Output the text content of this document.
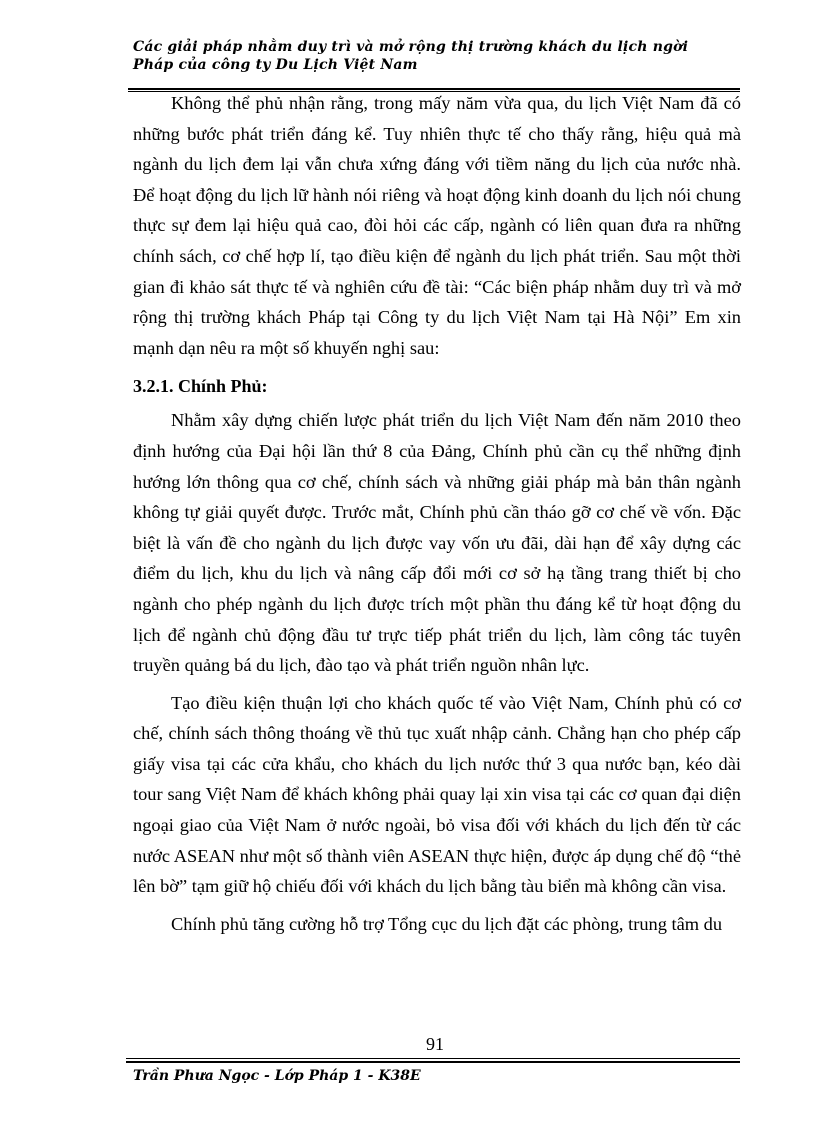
Các giải pháp nhằm duy trì và mở rộng thị trường khách du lịch ngời Pháp của công ty Du Lịch Việt Nam

Không thể phủ nhận rằng, trong mấy năm vừa qua, du lịch Việt Nam đã có những bước phát triển đáng kể. Tuy nhiên thực tế cho thấy rằng, hiệu quả mà ngành du lịch đem lại vẫn chưa xứng đáng với tiềm năng du lịch của nước nhà. Để hoạt động du lịch lữ hành nói riêng và hoạt động kinh doanh du lịch nói chung thực sự đem lại hiệu quả cao, đòi hỏi các cấp, ngành có liên quan đưa ra những chính sách, cơ chế hợp lí, tạo điều kiện để ngành du lịch phát triển. Sau một thời gian đi khảo sát thực tế và nghiên cứu đề tài: “Các biện pháp nhằm duy trì và mở rộng thị trường khách Pháp tại Công ty du lịch Việt Nam tại Hà Nội” Em xin mạnh dạn nêu ra một số khuyến nghị sau:

3.2.1. Chính Phủ:

Nhằm xây dựng chiến lược phát triển du lịch Việt Nam đến năm 2010 theo định hướng của Đại hội lần thứ 8 của Đảng, Chính phủ cần cụ thể những định hướng lớn thông qua cơ chế, chính sách và những giải pháp mà bản thân ngành không tự giải quyết được. Trước mắt, Chính phủ cần tháo gỡ cơ chế về vốn. Đặc biệt là vấn đề cho ngành du lịch được vay vốn ưu đãi, dài hạn để xây dựng các điểm du lịch, khu du lịch và nâng cấp đổi mới cơ sở hạ tầng trang thiết bị cho ngành cho phép ngành du lịch được trích một phần thu đáng kể từ hoạt động du lịch để ngành chủ động đầu tư trực tiếp phát triển du lịch, làm công tác tuyên truyền quảng bá du lịch, đào tạo và phát triển nguồn nhân lực.

Tạo điều kiện thuận lợi cho khách quốc tế vào Việt Nam, Chính phủ có cơ chế, chính sách thông thoáng về thủ tục xuất nhập cảnh. Chẳng hạn cho phép cấp giấy visa tại các cửa khẩu, cho khách du lịch nước thứ 3 qua nước bạn, kéo dài tour sang Việt Nam để khách không phải quay lại xin visa tại các cơ quan đại diện ngoại giao của Việt Nam ở nước ngoài, bỏ visa đối với khách du lịch đến từ các nước ASEAN như một số thành viên ASEAN thực hiện, được áp dụng chế độ “thẻ lên bờ” tạm giữ hộ chiếu đối với khách du lịch bằng tàu biển mà không cần visa.

Chính phủ tăng cường hỗ trợ Tổng cục du lịch đặt các phòng, trung tâm du

91
Trần Phưa Ngọc - Lớp Pháp 1 - K38E
